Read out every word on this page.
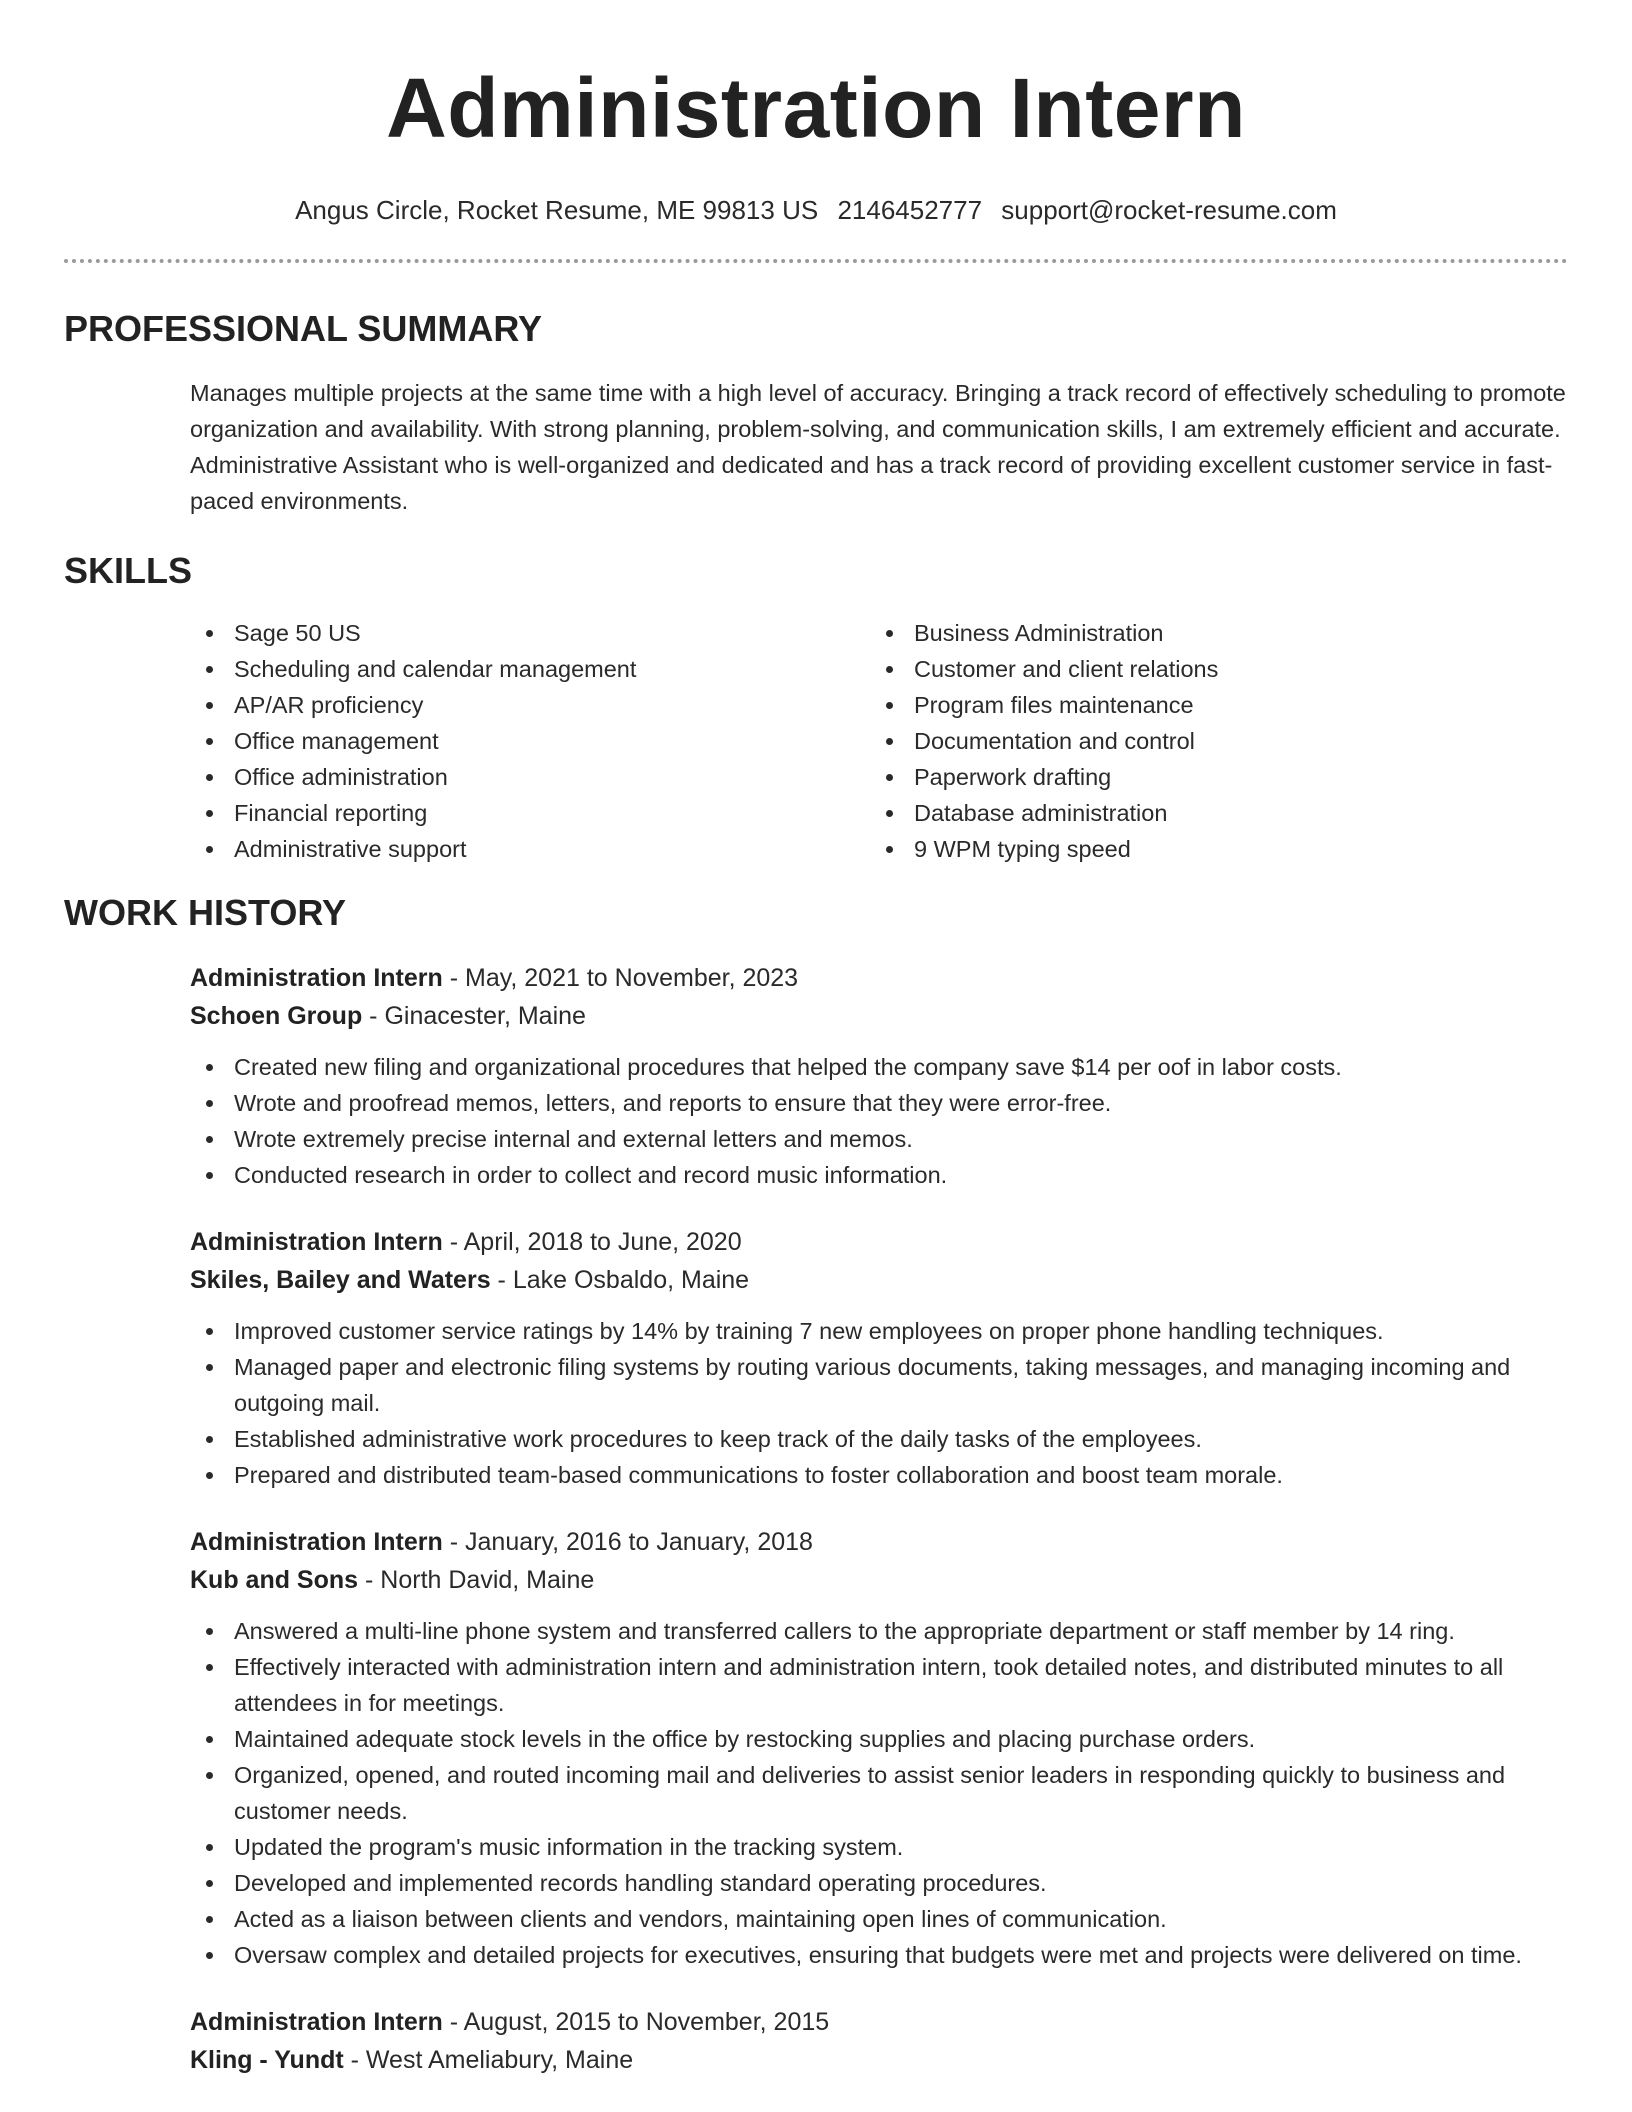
Administration Intern
Angus Circle, Rocket Resume, ME 99813 US 2146452777 support@rocket-resume.com
PROFESSIONAL SUMMARY

Manages multiple projects at the same time with a high level of accuracy. Bringing a track record of effectively scheduling to promote organization and availability. With strong planning, problem-solving, and communication skills, I am extremely efficient and accurate. Administrative Assistant who is well-organized and dedicated and has a track record of providing excellent customer service in fast-paced environments.

SKILLS
Sage 50 US
Scheduling and calendar management
AP/AR proficiency
Office management
Office administration
Financial reporting
Administrative support
Business Administration
Customer and client relations
Program files maintenance
Documentation and control
Paperwork drafting
Database administration
9 WPM typing speed
WORK HISTORY
Administration Intern - May, 2021 to November, 2023
Schoen Group - Ginacester, Maine
Created new filing and organizational procedures that helped the company save $14 per oof in labor costs.
Wrote and proofread memos, letters, and reports to ensure that they were error-free.
Wrote extremely precise internal and external letters and memos.
Conducted research in order to collect and record music information.
Administration Intern - April, 2018 to June, 2020
Skiles, Bailey and Waters - Lake Osbaldo, Maine
Improved customer service ratings by 14% by training 7 new employees on proper phone handling techniques.
Managed paper and electronic filing systems by routing various documents, taking messages, and managing incoming and outgoing mail.
Established administrative work procedures to keep track of the daily tasks of the employees.
Prepared and distributed team-based communications to foster collaboration and boost team morale.
Administration Intern - January, 2016 to January, 2018
Kub and Sons - North David, Maine
Answered a multi-line phone system and transferred callers to the appropriate department or staff member by 14 ring.
Effectively interacted with administration intern and administration intern, took detailed notes, and distributed minutes to all attendees in for meetings.
Maintained adequate stock levels in the office by restocking supplies and placing purchase orders.
Organized, opened, and routed incoming mail and deliveries to assist senior leaders in responding quickly to business and customer needs.
Updated the program's music information in the tracking system.
Developed and implemented records handling standard operating procedures.
Acted as a liaison between clients and vendors, maintaining open lines of communication.
Oversaw complex and detailed projects for executives, ensuring that budgets were met and projects were delivered on time.
Administration Intern - August, 2015 to November, 2015
Kling - Yundt - West Ameliabury, Maine
